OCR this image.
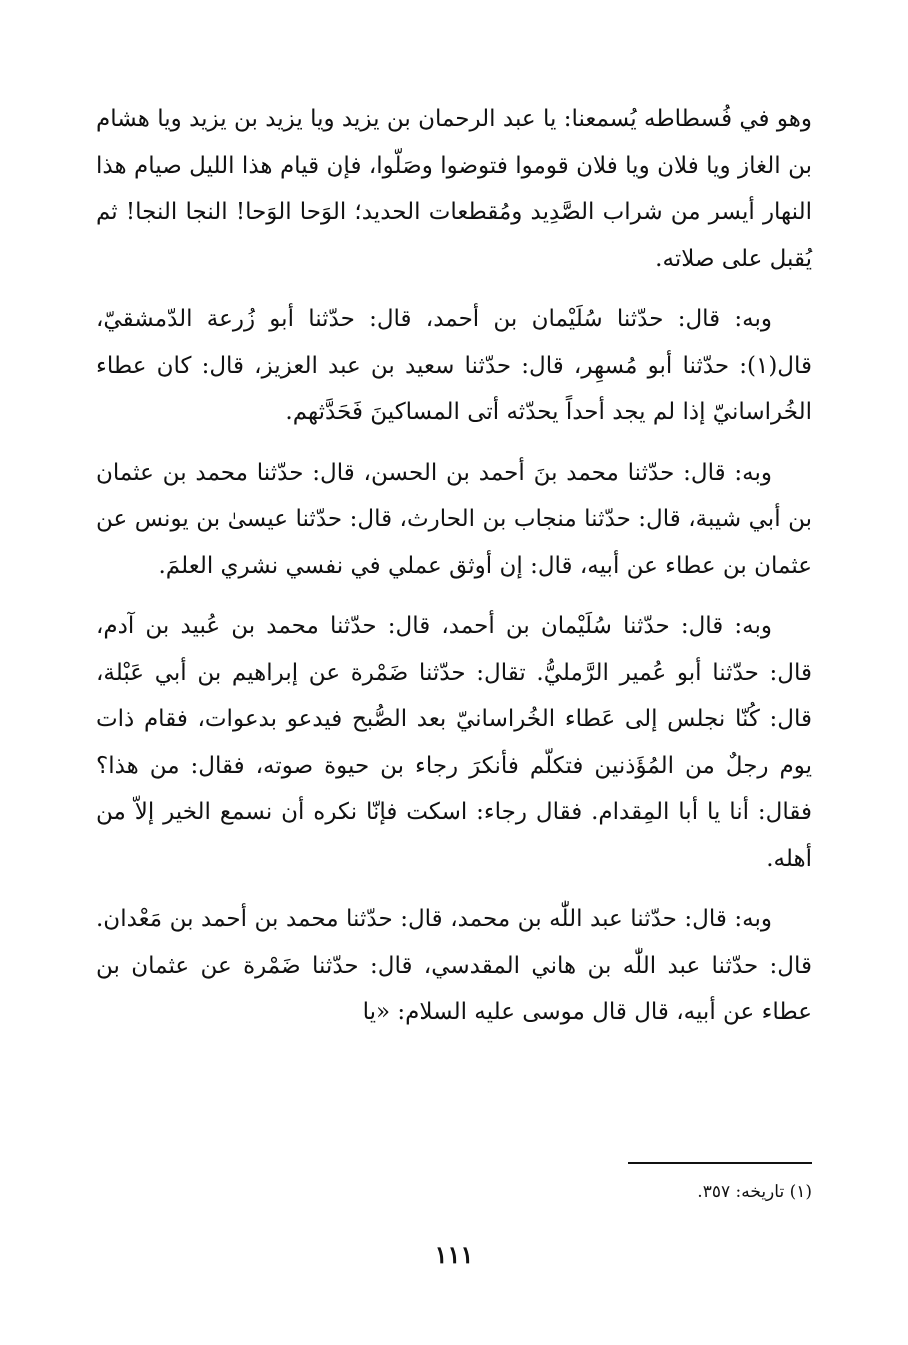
وهو في فُسطاطه يُسمعنا: يا عبد الرحمان بن يزيد ويا يزيد بن يزيد ويا هشام بن الغاز ويا فلان ويا فلان قوموا فتوضوا وصَلّوا، فإن قيام هذا الليل صيام هذا النهار أيسر من شراب الصَّدِيد ومُقطعات الحديد؛ الوَحا الوَحا! النجا النجا! ثم يُقبل على صلاته.

وبه: قال: حدّثنا سُلَيْمان بن أحمد، قال: حدّثنا أبو زُرعة الدّمشقيّ، قال(١): حدّثنا أبو مُسهِر، قال: حدّثنا سعيد بن عبد العزيز، قال: كان عطاء الخُراسانيّ إذا لم يجد أحداً يحدّثه أتى المساكينَ فَحَدَّثهم.

وبه: قال: حدّثنا محمد بنَ أحمد بن الحسن، قال: حدّثنا محمد بن عثمان بن أبي شيبة، قال: حدّثنا منجاب بن الحارث، قال: حدّثنا عيسىٰ بن يونس عن عثمان بن عطاء عن أبيه، قال: إن أوثق عملي في نفسي نشري العلمَ.

وبه: قال: حدّثنا سُلَيْمان بن أحمد، قال: حدّثنا محمد بن عُبيد بن آدم، قال: حدّثنا أبو عُمير الرَّمليُّ. تقال: حدّثنا ضَمْرة عن إبراهيم بن أبي عَبْلة، قال: كُنّا نجلس إلى عَطاء الخُراسانيّ بعد الصُّبح فيدعو بدعوات، فقام ذات يوم رجلٌ من المُؤَذنين فتكلّم فأنكرَ رجاء بن حيوة صوته، فقال: من هذا؟ فقال: أنا يا أبا المِقدام. فقال رجاء: اسكت فإنّا نكره أن نسمع الخير إلاّ من أهله.

وبه: قال: حدّثنا عبد اللّٰه بن محمد، قال: حدّثنا محمد بن أحمد بن مَعْدان. قال: حدّثنا عبد اللّٰه بن هاني المقدسي، قال: حدّثنا ضَمْرة عن عثمان بن عطاء عن أبيه، قال قال موسى عليه السلام: «يا

(١) تاريخه: ٣٥٧.

١١١
